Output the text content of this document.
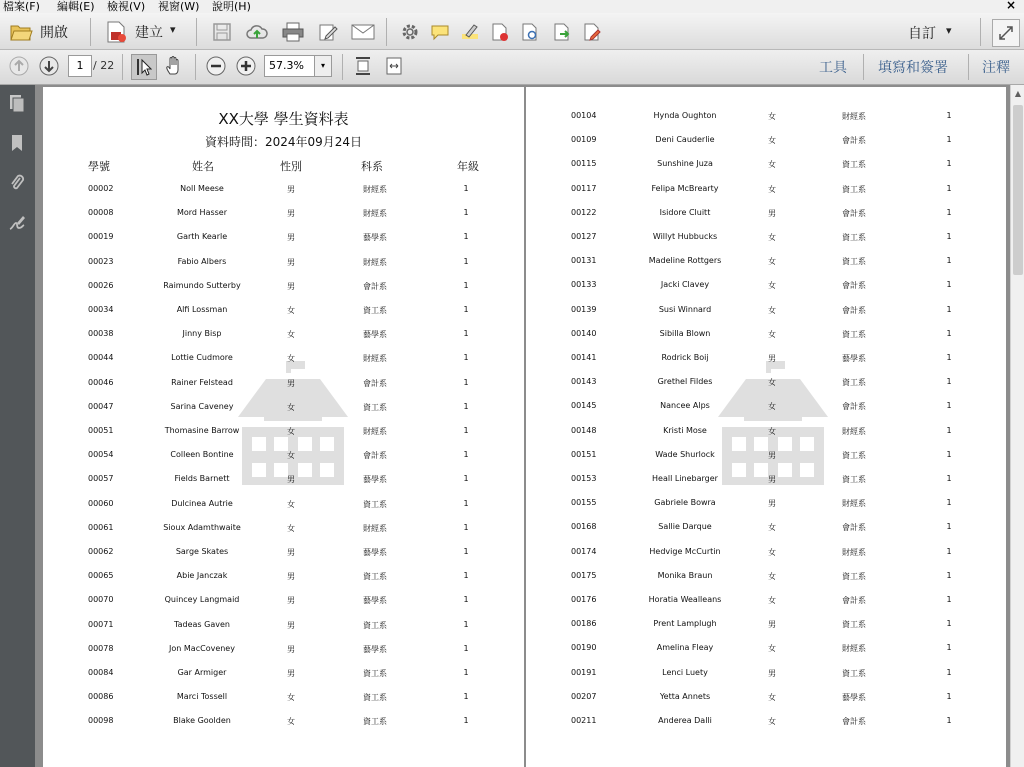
檔案(F) 編輯(E) 檢視(V) 視窗(W) 說明(H)	×
開啟	建立 ▾	自訂 ▾
1 / 22	57.3%	▾	工具 填寫和簽署 注釋
XX大學 學生資料表
資料時間：2024年09月24日
學號	姓名	性別	科系	年級
00002	Noll Meese	男	財經系	1
00008	Mord Hasser	男	財經系	1
00019	Garth Kearle	男	藝學系	1
00023	Fabio Albers	男	財經系	1
00026	Raimundo Sutterby	男	會計系	1
00034	Alfi Lossman	女	資工系	1
00038	Jinny Bisp	女	藝學系	1
00044	Lottie Cudmore	女	財經系	1
00046	Rainer Felstead	男	會計系	1
00047	Sarina Caveney	女	資工系	1
00051	Thomasine Barrow	女	財經系	1
00054	Colleen Bontine	女	會計系	1
00057	Fields Barnett	男	藝學系	1
00060	Dulcinea Autrie	女	資工系	1
00061	Sioux Adamthwaite	女	財經系	1
00062	Sarge Skates	男	藝學系	1
00065	Abie Janczak	男	資工系	1
00070	Quincey Langmaid	男	藝學系	1
00071	Tadeas Gaven	男	資工系	1
00078	Jon MacCoveney	男	藝學系	1
00084	Gar Armiger	男	資工系	1
00086	Marci Tossell	女	資工系	1
00098	Blake Goolden	女	資工系	1
00104	Hynda Oughton	女	財經系	1
00109	Deni Cauderlie	女	會計系	1
00115	Sunshine Juza	女	資工系	1
00117	Felipa McBrearty	女	資工系	1
00122	Isidore Cluitt	男	會計系	1
00127	Willyt Hubbucks	女	資工系	1
00131	Madeline Rottgers	女	資工系	1
00133	Jacki Clavey	女	會計系	1
00139	Susi Winnard	女	會計系	1
00140	Sibilla Blown	女	資工系	1
00141	Rodrick Boij	男	藝學系	1
00143	Grethel Fildes	女	資工系	1
00145	Nancee Alps	女	會計系	1
00148	Kristi Mose	女	財經系	1
00151	Wade Shurlock	男	資工系	1
00153	Heall Linebarger	男	資工系	1
00155	Gabriele Bowra	男	財經系	1
00168	Sallie Darque	女	會計系	1
00174	Hedvige McCurtin	女	財經系	1
00175	Monika Braun	女	資工系	1
00176	Horatia Wealleans	女	會計系	1
00186	Prent Lamplugh	男	資工系	1
00190	Amelina Fleay	女	財經系	1
00191	Lenci Luety	男	資工系	1
00207	Yetta Annets	女	藝學系	1
00211	Anderea Dalli	女	會計系	1
▲
